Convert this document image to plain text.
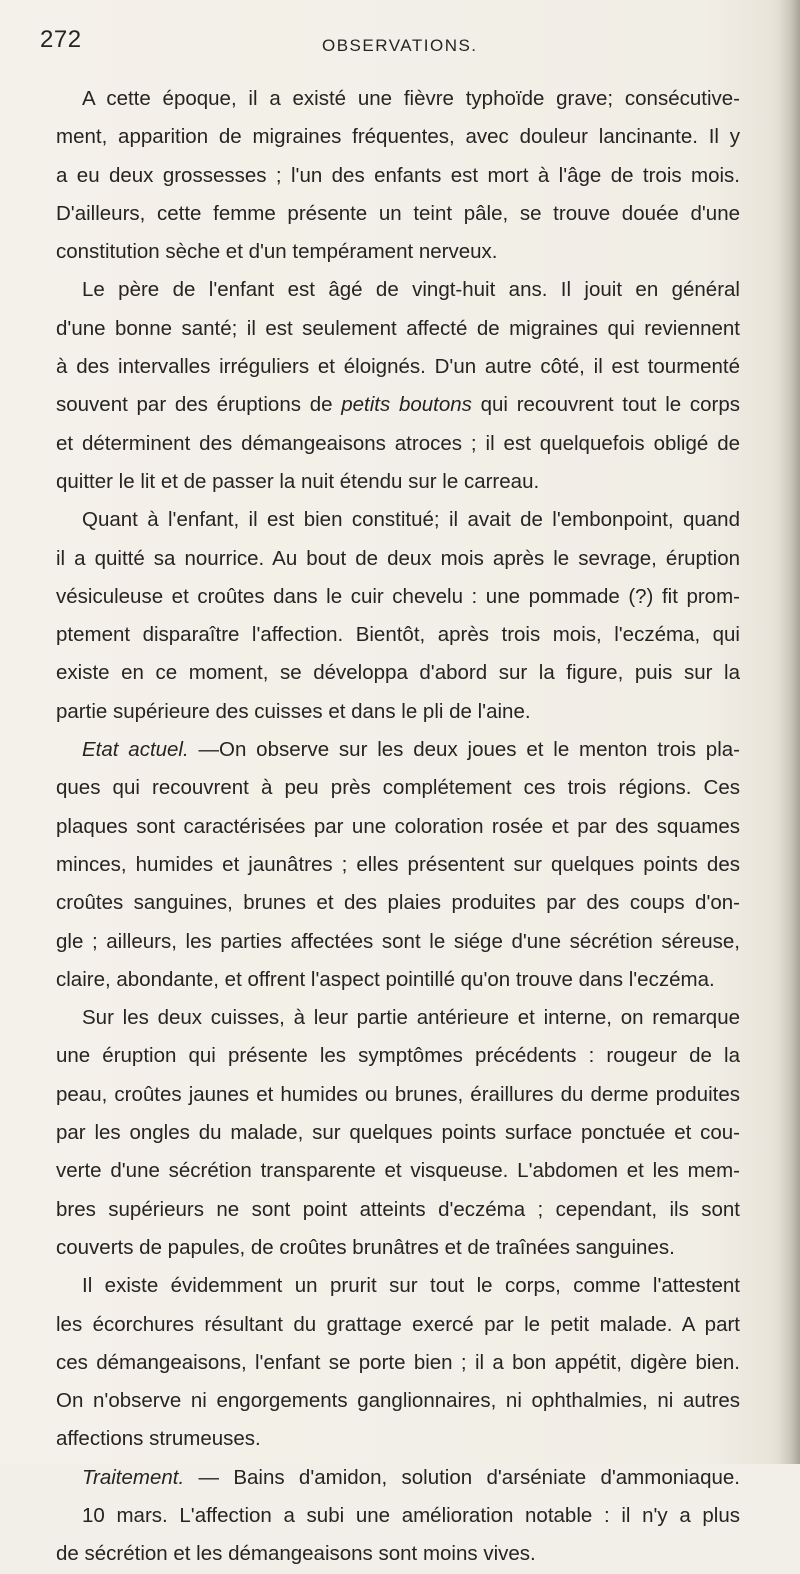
272	OBSERVATIONS.
A cette époque, il a existé une fièvre typhoïde grave; consécutive-
ment, apparition de migraines fréquentes, avec douleur lancinante. Il y
a eu deux grossesses ; l'un des enfants est mort à l'âge de trois mois.
D'ailleurs, cette femme présente un teint pâle, se trouve douée d'une
constitution sèche et d'un tempérament nerveux.
Le père de l'enfant est âgé de vingt-huit ans. Il jouit en général
d'une bonne santé; il est seulement affecté de migraines qui reviennent
à des intervalles irréguliers et éloignés. D'un autre côté, il est tourmenté
souvent par des éruptions de petits boutons qui recouvrent tout le corps
et déterminent des démangeaisons atroces ; il est quelquefois obligé de
quitter le lit et de passer la nuit étendu sur le carreau.
Quant à l'enfant, il est bien constitué; il avait de l'embonpoint, quand
il a quitté sa nourrice. Au bout de deux mois après le sevrage, éruption
vésiculeuse et croûtes dans le cuir chevelu : une pommade (?) fit prom-
ptement disparaître l'affection. Bientôt, après trois mois, l'eczéma, qui
existe en ce moment, se développa d'abord sur la figure, puis sur la
partie supérieure des cuisses et dans le pli de l'aine.
Etat actuel. —On observe sur les deux joues et le menton trois pla-
ques qui recouvrent à peu près complétement ces trois régions. Ces
plaques sont caractérisées par une coloration rosée et par des squames
minces, humides et jaunâtres ; elles présentent sur quelques points des
croûtes sanguines, brunes et des plaies produites par des coups d'on-
gle ; ailleurs, les parties affectées sont le siége d'une sécrétion séreuse,
claire, abondante, et offrent l'aspect pointillé qu'on trouve dans l'eczéma.
Sur les deux cuisses, à leur partie antérieure et interne, on remarque
une éruption qui présente les symptômes précédents : rougeur de la
peau, croûtes jaunes et humides ou brunes, éraillures du derme produites
par les ongles du malade, sur quelques points surface ponctuée et cou-
verte d'une sécrétion transparente et visqueuse. L'abdomen et les mem-
bres supérieurs ne sont point atteints d'eczéma ; cependant, ils sont
couverts de papules, de croûtes brunâtres et de traînées sanguines.
Il existe évidemment un prurit sur tout le corps, comme l'attestent
les écorchures résultant du grattage exercé par le petit malade. A part
ces démangeaisons, l'enfant se porte bien ; il a bon appétit, digère bien.
On n'observe ni engorgements ganglionnaires, ni ophthalmies, ni autres
affections strumeuses.
Traitement. — Bains d'amidon, solution d'arséniate d'ammoniaque.
10 mars. L'affection a subi une amélioration notable : il n'y a plus
de sécrétion et les démangeaisons sont moins vives.
